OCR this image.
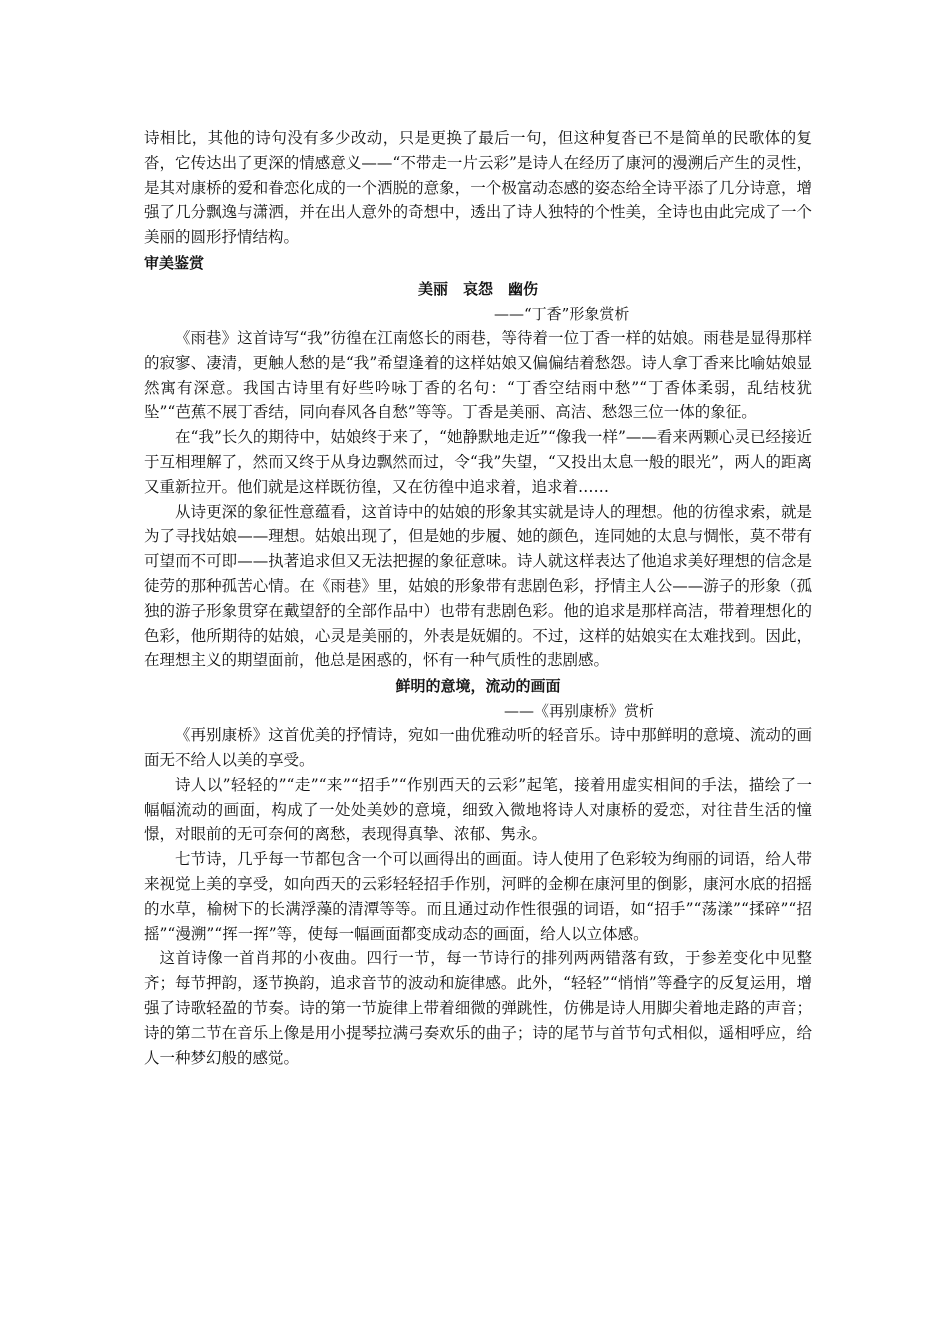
诗相比，其他的诗句没有多少改动，只是更换了最后一句，但这种复沓已不是简单的民歌体的复沓，它传达出了更深的情感意义——“不带走一片云彩”是诗人在经历了康河的漫溯后产生的灵性，是其对康桥的爱和眷恋化成的一个洒脱的意象，一个极富动态感的姿态给全诗平添了几分诗意，增强了几分飘逸与潇洒，并在出人意外的奇想中，透出了诗人独特的个性美，全诗也由此完成了一个美丽的圆形抒情结构。

审美鉴赏
美丽　哀怨　幽伤
——“丁香”形象赏析

《雨巷》这首诗写“我”彷徨在江南悠长的雨巷，等待着一位丁香一样的姑娘。雨巷是显得那样的寂寥、凄清，更触人愁的是“我”希望逢着的这样姑娘又偏偏结着愁怨。诗人拿丁香来比喻姑娘显然寓有深意。我国古诗里有好些吟咏丁香的名句：“丁香空结雨中愁”“丁香体柔弱，乱结枝犹坠”“芭蕉不展丁香结，同向春风各自愁”等等。丁香是美丽、高洁、愁怨三位一体的象征。

在“我”长久的期待中，姑娘终于来了，“她静默地走近”“像我一样”——看来两颗心灵已经接近于互相理解了，然而又终于从身边飘然而过，令“我”失望，“又投出太息一般的眼光”，两人的距离又重新拉开。他们就是这样既彷徨，又在彷徨中追求着，追求着……

从诗更深的象征性意蕴看，这首诗中的姑娘的形象其实就是诗人的理想。他的彷徨求索，就是为了寻找姑娘——理想。姑娘出现了，但是她的步履、她的颜色，连同她的太息与惆怅，莫不带有可望而不可即——执著追求但又无法把握的象征意味。诗人就这样表达了他追求美好理想的信念是徒劳的那种孤苦心情。在《雨巷》里，姑娘的形象带有悲剧色彩，抒情主人公——游子的形象（孤独的游子形象贯穿在戴望舒的全部作品中）也带有悲剧色彩。他的追求是那样高洁，带着理想化的色彩，他所期待的姑娘，心灵是美丽的，外表是妩媚的。不过，这样的姑娘实在太难找到。因此，在理想主义的期望面前，他总是困惑的，怀有一种气质性的悲剧感。

鲜明的意境，流动的画面
——《再别康桥》赏析

《再别康桥》这首优美的抒情诗，宛如一曲优雅动听的轻音乐。诗中那鲜明的意境、流动的画面无不给人以美的享受。

诗人以”轻轻的”“走”“来”“招手”“作别西天的云彩”起笔，接着用虚实相间的手法，描绘了一幅幅流动的画面，构成了一处处美妙的意境，细致入微地将诗人对康桥的爱恋，对往昔生活的憧憬，对眼前的无可奈何的离愁，表现得真挚、浓郁、隽永。

七节诗，几乎每一节都包含一个可以画得出的画面。诗人使用了色彩较为绚丽的词语，给人带来视觉上美的享受，如向西天的云彩轻轻招手作别，河畔的金柳在康河里的倒影，康河水底的招摇的水草，榆树下的长满浮藻的清潭等等。而且通过动作性很强的词语，如“招手”“荡漾”“揉碎”“招摇”“漫溯”“挥一挥”等，使每一幅画面都变成动态的画面，给人以立体感。

这首诗像一首肖邦的小夜曲。四行一节，每一节诗行的排列两两错落有致，于参差变化中见整齐；每节押韵，逐节换韵，追求音节的波动和旋律感。此外，“轻轻”“悄悄”等叠字的反复运用，增强了诗歌轻盈的节奏。诗的第一节旋律上带着细微的弹跳性，仿佛是诗人用脚尖着地走路的声音；诗的第二节在音乐上像是用小提琴拉满弓奏欢乐的曲子；诗的尾节与首节句式相似，遥相呼应，给人一种梦幻般的感觉。
